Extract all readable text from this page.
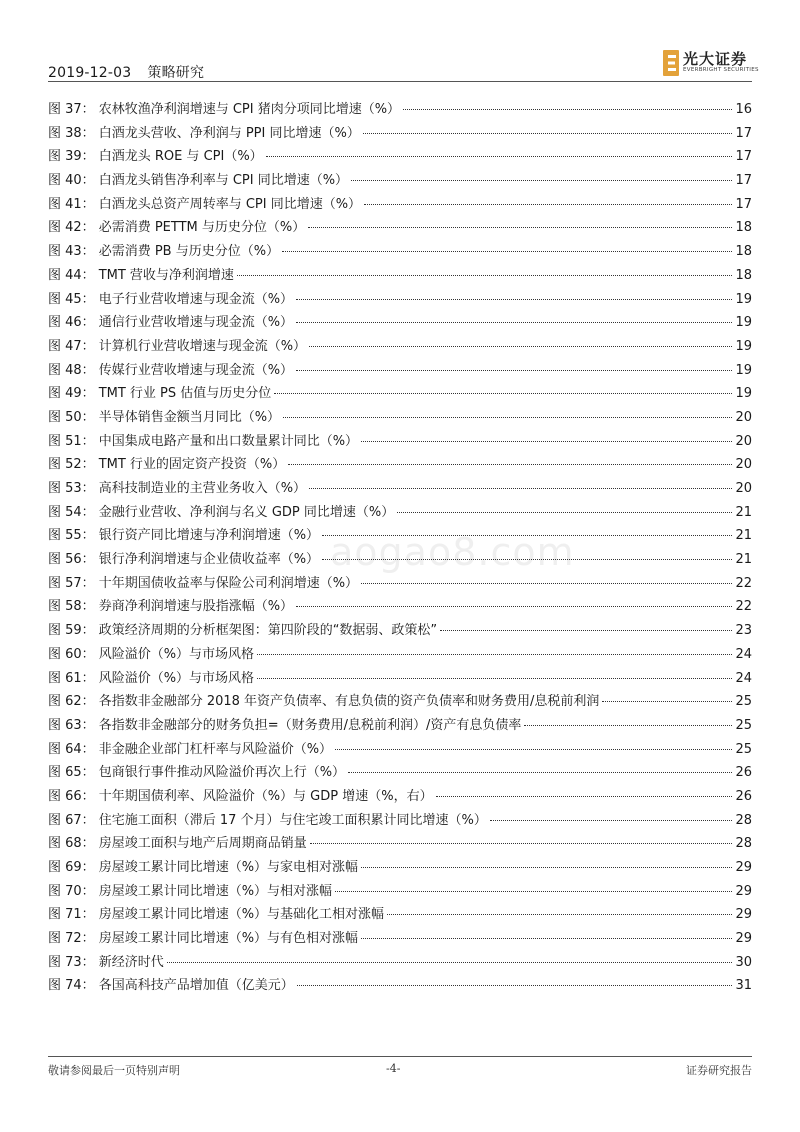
2019-12-03 策略研究
光大证券
EVERBRIGHT SECURITIES
aogao8.com
图 37： 农林牧渔净利润增速与 CPI 猪肉分项同比增速（%）	16
图 38： 白酒龙头营收、净利润与 PPI 同比增速（%）	17
图 39： 白酒龙头 ROE 与 CPI（%）	17
图 40： 白酒龙头销售净利率与 CPI 同比增速（%）	17
图 41： 白酒龙头总资产周转率与 CPI 同比增速（%）	17
图 42： 必需消费 PETTM 与历史分位（%）	18
图 43： 必需消费 PB 与历史分位（%）	18
图 44： TMT 营收与净利润增速	18
图 45： 电子行业营收增速与现金流（%）	19
图 46： 通信行业营收增速与现金流（%）	19
图 47： 计算机行业营收增速与现金流（%）	19
图 48： 传媒行业营收增速与现金流（%）	19
图 49： TMT 行业 PS 估值与历史分位	19
图 50： 半导体销售金额当月同比（%）	20
图 51： 中国集成电路产量和出口数量累计同比（%）	20
图 52： TMT 行业的固定资产投资（%）	20
图 53： 高科技制造业的主营业务收入（%）	20
图 54： 金融行业营收、净利润与名义 GDP 同比增速（%）	21
图 55： 银行资产同比增速与净利润增速（%）	21
图 56： 银行净利润增速与企业债收益率（%）	21
图 57： 十年期国债收益率与保险公司利润增速（%）	22
图 58： 券商净利润增速与股指涨幅（%）	22
图 59： 政策经济周期的分析框架图：第四阶段的“数据弱、政策松”	23
图 60： 风险溢价（%）与市场风格	24
图 61： 风险溢价（%）与市场风格	24
图 62： 各指数非金融部分 2018 年资产负债率、有息负债的资产负债率和财务费用/息税前利润	25
图 63： 各指数非金融部分的财务负担=（财务费用/息税前利润）/资产有息负债率	25
图 64： 非金融企业部门杠杆率与风险溢价（%）	25
图 65： 包商银行事件推动风险溢价再次上行（%）	26
图 66： 十年期国债利率、风险溢价（%）与 GDP 增速（%，右）	26
图 67： 住宅施工面积（滞后 17 个月）与住宅竣工面积累计同比增速（%）	28
图 68： 房屋竣工面积与地产后周期商品销量	28
图 69： 房屋竣工累计同比增速（%）与家电相对涨幅	29
图 70： 房屋竣工累计同比增速（%）与相对涨幅	29
图 71： 房屋竣工累计同比增速（%）与基础化工相对涨幅	29
图 72： 房屋竣工累计同比增速（%）与有色相对涨幅	29
图 73： 新经济时代	30
图 74： 各国高科技产品增加值（亿美元）	31
敬请参阅最后一页特别声明	-4-	证券研究报告
